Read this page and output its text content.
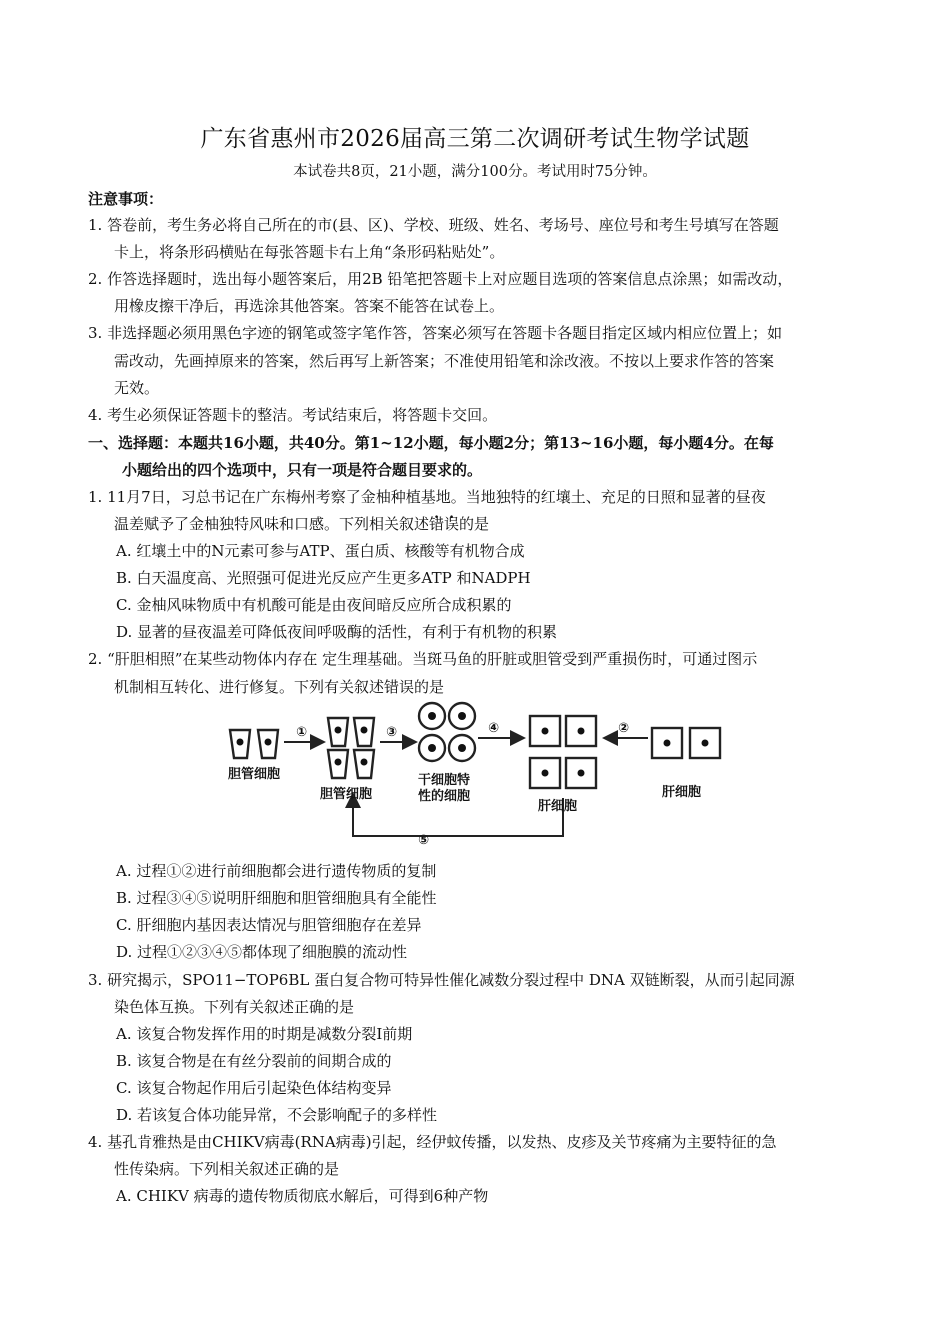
广东省惠州市2026届高三第二次调研考试生物学试题
本试卷共8页，21小题，满分100分。考试用时75分钟。
注意事项：
1. 答卷前，考生务必将自己所在的市(县、区)、学校、班级、姓名、考场号、座位号和考生号填写在答题
卡上，将条形码横贴在每张答题卡右上角“条形码粘贴处”。
2. 作答选择题时，选出每小题答案后，用2B 铅笔把答题卡上对应题目选项的答案信息点涂黑；如需改动，
用橡皮擦干净后，再选涂其他答案。答案不能答在试卷上。
3. 非选择题必须用黑色字迹的钢笔或签字笔作答，答案必须写在答题卡各题目指定区域内相应位置上；如
需改动，先画掉原来的答案，然后再写上新答案；不准使用铅笔和涂改液。不按以上要求作答的答案
无效。
4. 考生必须保证答题卡的整洁。考试结束后，将答题卡交回。
一、选择题：本题共16小题，共40分。第1~12小题，每小题2分；第13~16小题，每小题4分。在每
小题给出的四个选项中，只有一项是符合题目要求的。
1. 11月7日，习总书记在广东梅州考察了金柚种植基地。当地独特的红壤土、充足的日照和显著的昼夜
温差赋予了金柚独特风味和口感。下列相关叙述错误的是
A. 红壤土中的N元素可参与ATP、蛋白质、核酸等有机物合成
B. 白天温度高、光照强可促进光反应产生更多ATP 和NADPH
C. 金柚风味物质中有机酸可能是由夜间暗反应所合成积累的
D. 显著的昼夜温差可降低夜间呼吸酶的活性，有利于有机物的积累
2. “肝胆相照”在某些动物体内存在 定生理基础。当斑马鱼的肝脏或胆管受到严重损伤时，可通过图示
机制相互转化、进行修复。下列有关叙述错误的是
①	③	④	②
⑤
胆管细胞
胆管细胞
干细胞特
性的细胞
肝细胞
肝细胞
A. 过程①②进行前细胞都会进行遗传物质的复制
B. 过程③④⑤说明肝细胞和胆管细胞具有全能性
C. 肝细胞内基因表达情况与胆管细胞存在差异
D. 过程①②③④⑤都体现了细胞膜的流动性
3. 研究揭示，SPO11−TOP6BL 蛋白复合物可特异性催化减数分裂过程中 DNA 双链断裂，从而引起同源
染色体互换。下列有关叙述正确的是
A. 该复合物发挥作用的时期是减数分裂Ⅰ前期
B. 该复合物是在有丝分裂前的间期合成的
C. 该复合物起作用后引起染色体结构变异
D. 若该复合体功能异常，不会影响配子的多样性
4. 基孔肯雅热是由CHIKV病毒(RNA病毒)引起，经伊蚊传播，以发热、皮疹及关节疼痛为主要特征的急
性传染病。下列相关叙述正确的是
A. CHIKV 病毒的遗传物质彻底水解后，可得到6种产物
